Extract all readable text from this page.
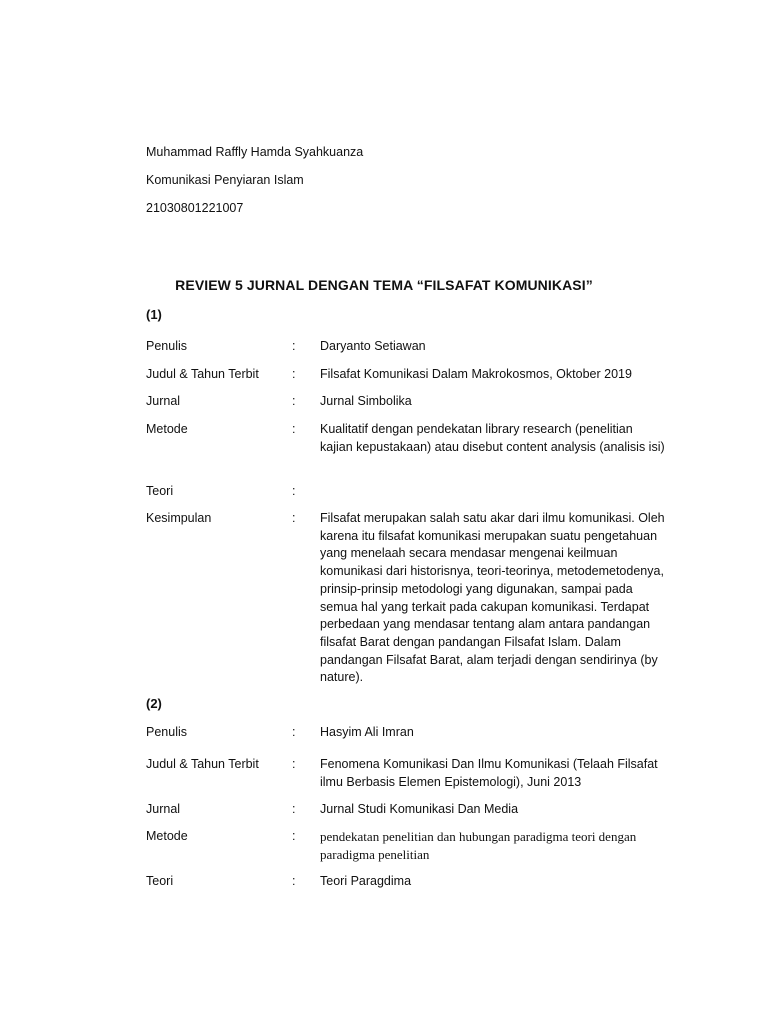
Muhammad Raffly Hamda Syahkuanza
Komunikasi Penyiaran Islam
21030801221007
REVIEW 5 JURNAL DENGAN TEMA “FILSAFAT KOMUNIKASI”
(1)
Penulis	:	Daryanto Setiawan
Judul & Tahun Terbit	:	Filsafat Komunikasi Dalam Makrokosmos, Oktober 2019
Jurnal	:	Jurnal Simbolika
Metode	:	Kualitatif dengan pendekatan library research (penelitian kajian kepustakaan) atau disebut content analysis (analisis isi)
Teori	:
Kesimpulan	:	Filsafat merupakan salah satu akar dari ilmu komunikasi. Oleh karena itu filsafat komunikasi merupakan suatu pengetahuan yang menelaah secara mendasar mengenai keilmuan komunikasi dari historisnya, teori-teorinya, metodemetodenya, prinsip-prinsip metodologi yang digunakan, sampai pada semua hal yang terkait pada cakupan komunikasi. Terdapat perbedaan yang mendasar tentang alam antara pandangan filsafat Barat dengan pandangan Filsafat Islam. Dalam pandangan Filsafat Barat, alam terjadi dengan sendirinya (by nature).
(2)
Penulis	:	Hasyim Ali Imran
Judul & Tahun Terbit	:	Fenomena Komunikasi Dan Ilmu Komunikasi (Telaah Filsafat ilmu Berbasis Elemen Epistemologi), Juni 2013
Jurnal	:	Jurnal Studi Komunikasi Dan Media
Metode	:	pendekatan penelitian dan hubungan paradigma teori dengan paradigma penelitian
Teori	:	Teori Paragdima
